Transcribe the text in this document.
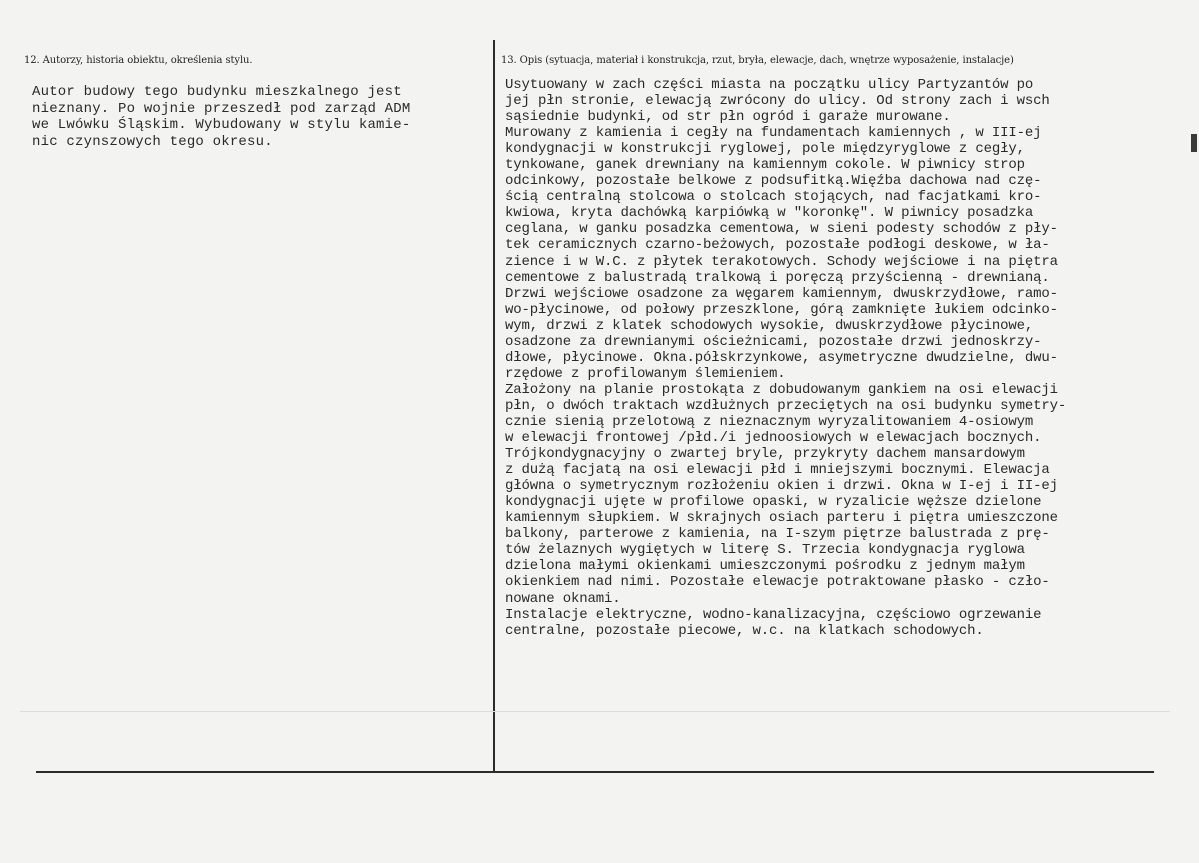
12. Autorzy, historia obiektu, określenia stylu.
Autor budowy tego budynku mieszkalnego jest
nieznany. Po wojnie przeszedł pod zarząd ADM
we Lwówku Śląskim. Wybudowany w stylu kamie-
nic czynszowych tego okresu.
13. Opis (sytuacja, materiał i konstrukcja, rzut, bryła, elewacje, dach, wnętrze wyposażenie, instalacje)
Usytuowany w zach części miasta na początku ulicy Partyzantów po
jej płn stronie, elewacją zwrócony do ulicy. Od strony zach i wsch
sąsiednie budynki, od str płn ogród i garaże murowane.
Murowany z kamienia i cegły na fundamentach kamiennych , w III-ej
kondygnacji w konstrukcji ryglowej, pole międzyryglowe z cegły,
tynkowane, ganek drewniany na kamiennym cokole. W piwnicy strop
odcinkowy, pozostałe belkowe z podsufitką.Więźba dachowa nad czę-
ścią centralną stolcowa o stolcach stojących, nad facjatkami kro-
kwiowa, kryta dachówką karpiówką w "koronkę". W piwnicy posadzka
ceglana, w ganku posadzka cementowa, w sieni podesty schodów z pły-
tek ceramicznych czarno-beżowych, pozostałe podłogi deskowe, w ła-
zience i w W.C. z płytek terakotowych. Schody wejściowe i na piętra
cementowe z balustradą tralkową i poręczą przyścienną - drewnianą.
Drzwi wejściowe osadzone za węgarem kamiennym, dwuskrzydłowe, ramo-
wo-płycinowe, od połowy przeszklone, górą zamknięte łukiem odcinko-
wym, drzwi z klatek schodowych wysokie, dwuskrzydłowe płycinowe,
osadzone za drewnianymi ościeżnicami, pozostałe drzwi jednoskrzy-
dłowe, płycinowe. Okna.półskrzynkowe, asymetryczne dwudzielne, dwu-
rzędowe z profilowanym ślemieniem.
Założony na planie prostokąta z dobudowanym gankiem na osi elewacji
płn, o dwóch traktach wzdłużnych przeciętych na osi budynku symetry-
cznie sienią przelotową z nieznacznym wyryzalitowaniem 4-osiowym
w elewacji frontowej /płd./i jednoosiowych w elewacjach bocznych.
Trójkondygnacyjny o zwartej bryle, przykryty dachem mansardowym
z dużą facjatą na osi elewacji płd i mniejszymi bocznymi. Elewacja
główna o symetrycznym rozłożeniu okien i drzwi. Okna w I-ej i II-ej
kondygnacji ujęte w profilowe opaski, w ryzalicie węższe dzielone
kamiennym słupkiem. W skrajnych osiach parteru i piętra umieszczone
balkony, parterowe z kamienia, na I-szym piętrze balustrada z prę-
tów żelaznych wygiętych w literę S. Trzecia kondygnacja ryglowa
dzielona małymi okienkami umieszczonymi pośrodku z jednym małym
okienkiem nad nimi. Pozostałe elewacje potraktowane płasko - czło-
nowane oknami.
Instalacje elektryczne, wodno-kanalizacyjna, częściowo ogrzewanie
centralne, pozostałe piecowe, w.c. na klatkach schodowych.
